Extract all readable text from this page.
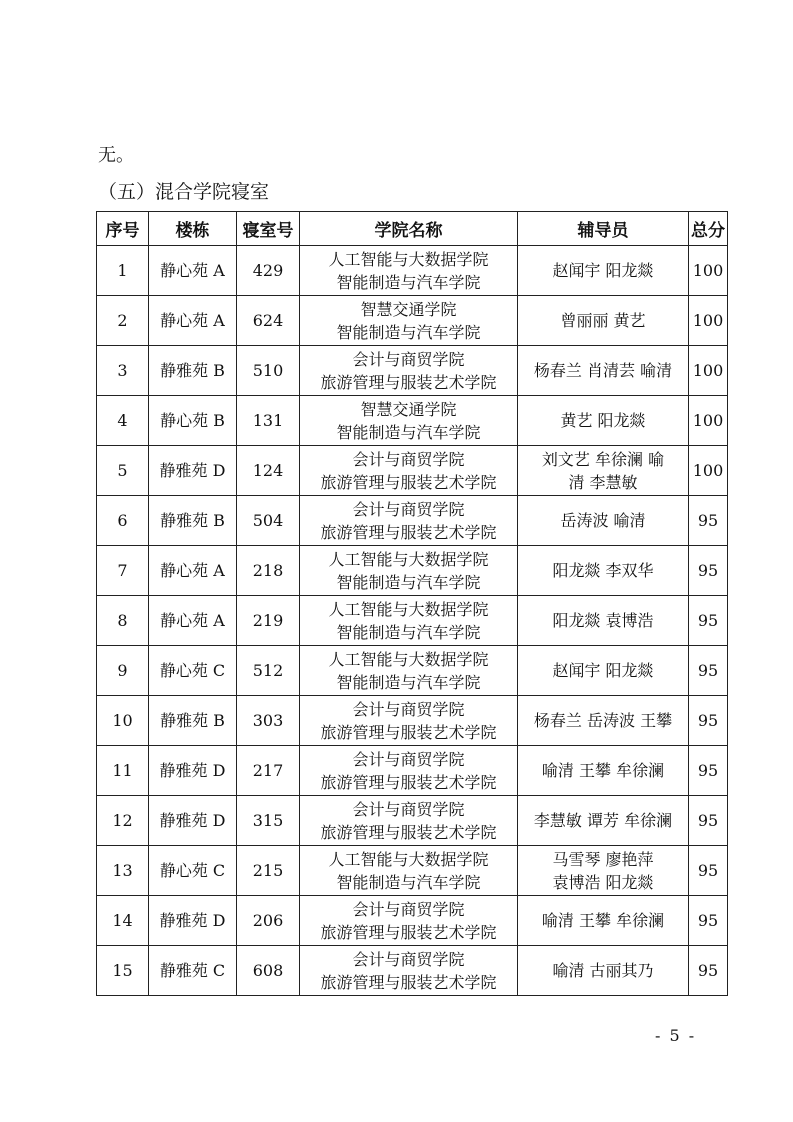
无。
（五）混合学院寝室
序号	楼栋	寝室号	学院名称	辅导员	总分
1	静心苑 A	429	人工智能与大数据学院
智能制造与汽车学院	赵闻宇 阳龙燚	100
2	静心苑 A	624	智慧交通学院
智能制造与汽车学院	曾丽丽 黄艺	100
3	静雅苑 B	510	会计与商贸学院
旅游管理与服装艺术学院	杨春兰 肖清芸 喻清	100
4	静心苑 B	131	智慧交通学院
智能制造与汽车学院	黄艺 阳龙燚	100
5	静雅苑 D	124	会计与商贸学院
旅游管理与服装艺术学院	刘文艺 牟徐澜 喻
清 李慧敏	100
6	静雅苑 B	504	会计与商贸学院
旅游管理与服装艺术学院	岳涛波 喻清	95
7	静心苑 A	218	人工智能与大数据学院
智能制造与汽车学院	阳龙燚 李双华	95
8	静心苑 A	219	人工智能与大数据学院
智能制造与汽车学院	阳龙燚 袁博浩	95
9	静心苑 C	512	人工智能与大数据学院
智能制造与汽车学院	赵闻宇 阳龙燚	95
10	静雅苑 B	303	会计与商贸学院
旅游管理与服装艺术学院	杨春兰 岳涛波 王攀	95
11	静雅苑 D	217	会计与商贸学院
旅游管理与服装艺术学院	喻清 王攀 牟徐澜	95
12	静雅苑 D	315	会计与商贸学院
旅游管理与服装艺术学院	李慧敏 谭芳 牟徐澜	95
13	静心苑 C	215	人工智能与大数据学院
智能制造与汽车学院	马雪琴 廖艳萍
袁博浩 阳龙燚	95
14	静雅苑 D	206	会计与商贸学院
旅游管理与服装艺术学院	喻清 王攀 牟徐澜	95
15	静雅苑 C	608	会计与商贸学院
旅游管理与服装艺术学院	喻清 古丽其乃	95
- 5 -
